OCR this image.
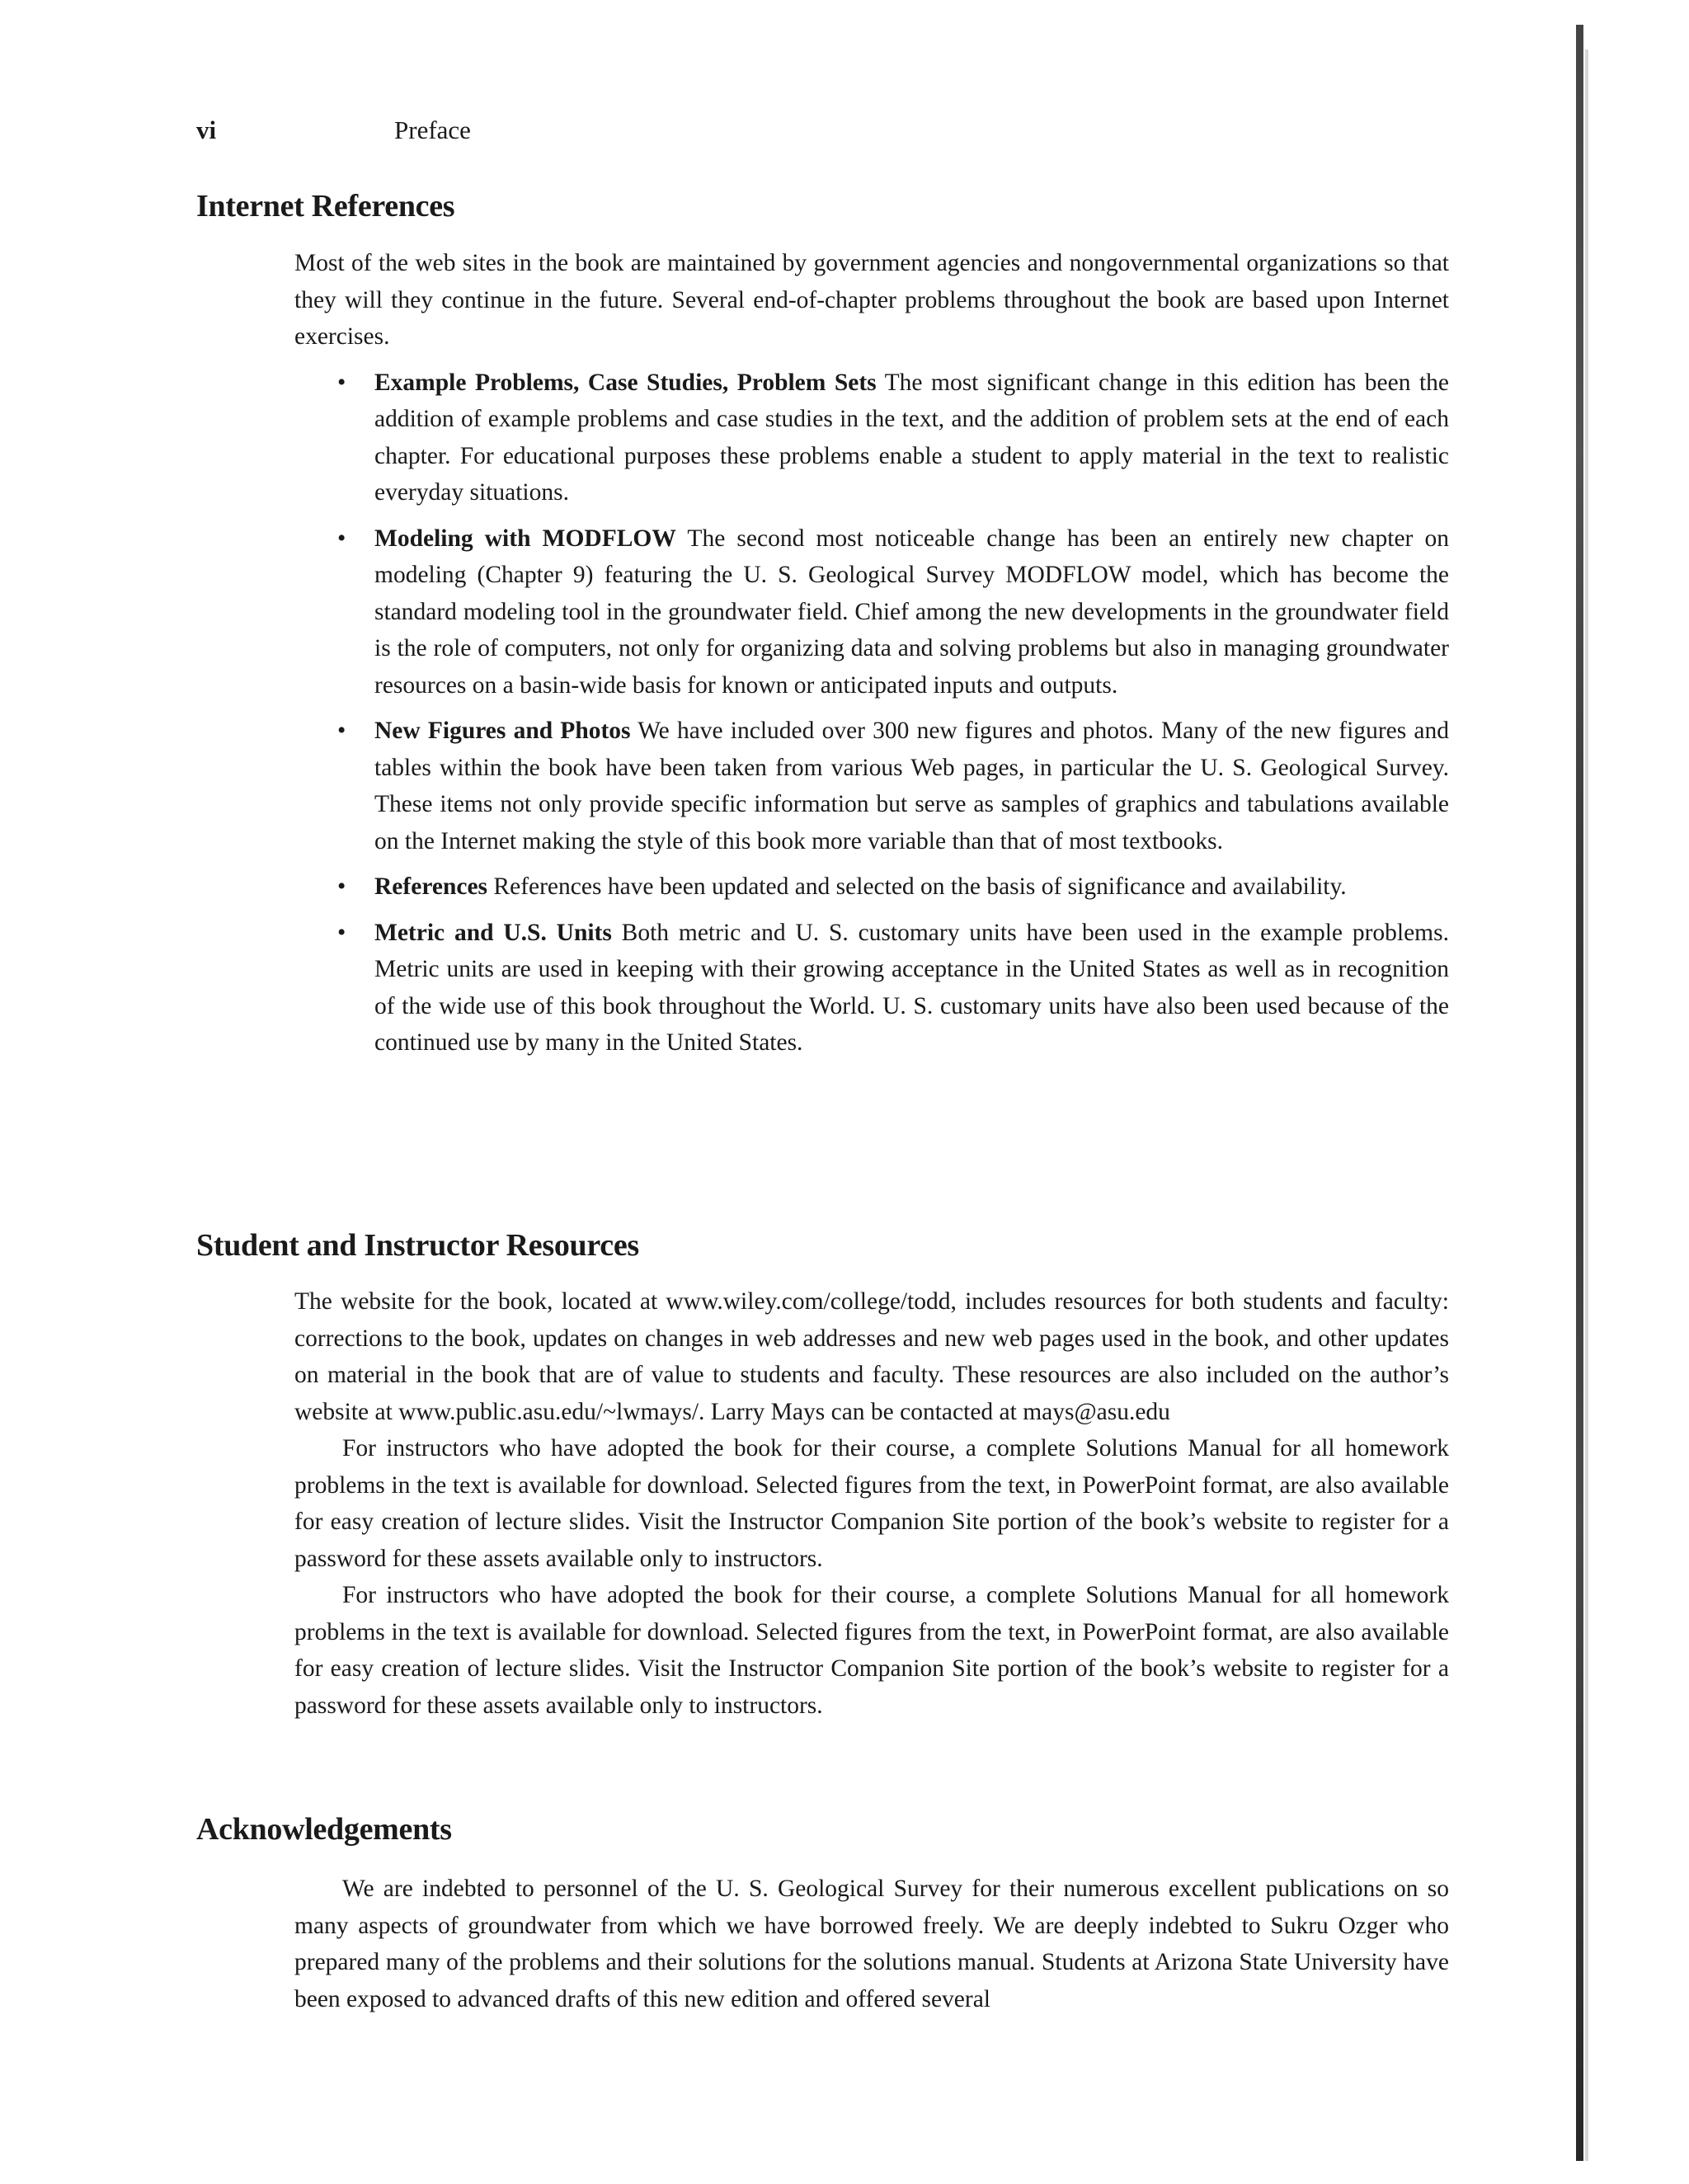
vi	Preface
Internet References

Most of the web sites in the book are maintained by government agencies and nongovernmental organizations so that they will they continue in the future. Several end-of-chapter problems throughout the book are based upon Internet exercises.

• Example Problems, Case Studies, Problem Sets The most significant change in this edition has been the addition of example problems and case studies in the text, and the addition of problem sets at the end of each chapter. For educational purposes these problems enable a student to apply material in the text to realistic everyday situations.
• Modeling with MODFLOW The second most noticeable change has been an entirely new chapter on modeling (Chapter 9) featuring the U. S. Geological Survey MODFLOW model, which has become the standard modeling tool in the groundwater field. Chief among the new developments in the groundwater field is the role of computers, not only for organizing data and solving problems but also in managing groundwater resources on a basin-wide basis for known or anticipated inputs and outputs.
• New Figures and Photos We have included over 300 new figures and photos. Many of the new figures and tables within the book have been taken from various Web pages, in particular the U. S. Geological Survey. These items not only provide specific information but serve as samples of graphics and tabulations available on the Internet making the style of this book more variable than that of most textbooks.
• References References have been updated and selected on the basis of significance and availability.
• Metric and U.S. Units Both metric and U. S. customary units have been used in the example problems. Metric units are used in keeping with their growing acceptance in the United States as well as in recognition of the wide use of this book throughout the World. U. S. customary units have also been used because of the continued use by many in the United States.
Student and Instructor Resources

The website for the book, located at www.wiley.com/college/todd, includes resources for both students and faculty: corrections to the book, updates on changes in web addresses and new web pages used in the book, and other updates on material in the book that are of value to students and faculty. These resources are also included on the author’s website at www.public.asu.edu/~lwmays/. Larry Mays can be contacted at mays@asu.edu

For instructors who have adopted the book for their course, a complete Solutions Manual for all homework problems in the text is available for download. Selected figures from the text, in PowerPoint format, are also available for easy creation of lecture slides. Visit the Instructor Companion Site portion of the book’s website to register for a password for these assets available only to instructors.

For instructors who have adopted the book for their course, a complete Solutions Manual for all homework problems in the text is available for download. Selected figures from the text, in PowerPoint format, are also available for easy creation of lecture slides. Visit the Instructor Companion Site portion of the book’s website to register for a password for these assets available only to instructors.

Acknowledgements

We are indebted to personnel of the U. S. Geological Survey for their numerous excellent publications on so many aspects of groundwater from which we have borrowed freely. We are deeply indebted to Sukru Ozger who prepared many of the problems and their solutions for the solutions manual. Students at Arizona State University have been exposed to advanced drafts of this new edition and offered several
